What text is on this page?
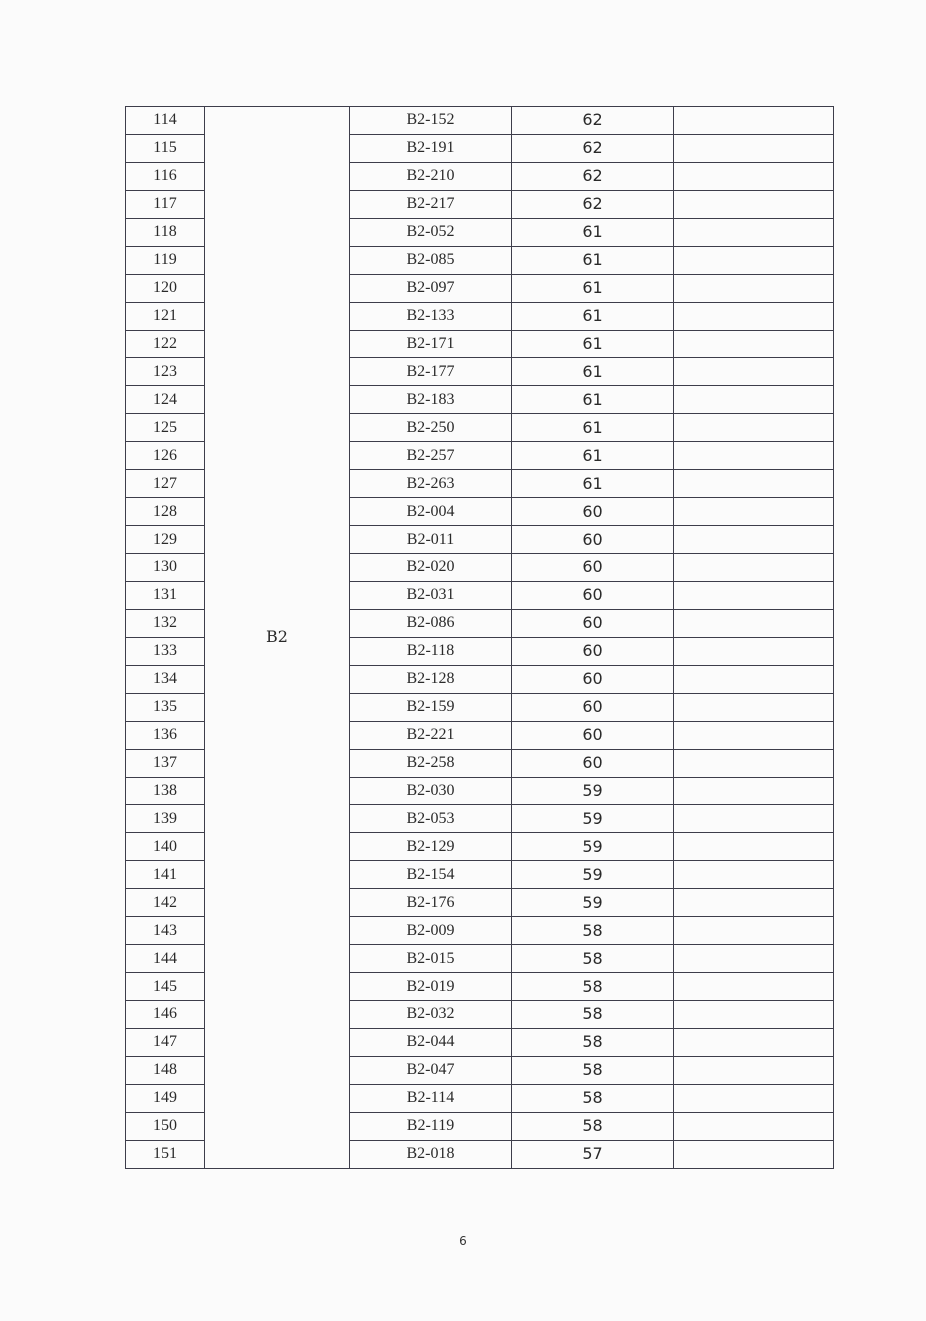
114	B2	B2-152	62	
115		B2-191	62	
116		B2-210	62	
117		B2-217	62	
118		B2-052	61	
119		B2-085	61	
120		B2-097	61	
121		B2-133	61	
122		B2-171	61	
123		B2-177	61	
124		B2-183	61	
125		B2-250	61	
126		B2-257	61	
127		B2-263	61	
128		B2-004	60	
129		B2-011	60	
130		B2-020	60	
131		B2-031	60	
132		B2-086	60	
133		B2-118	60	
134		B2-128	60	
135		B2-159	60	
136		B2-221	60	
137		B2-258	60	
138		B2-030	59	
139		B2-053	59	
140		B2-129	59	
141		B2-154	59	
142		B2-176	59	
143		B2-009	58	
144		B2-015	58	
145		B2-019	58	
146		B2-032	58	
147		B2-044	58	
148		B2-047	58	
149		B2-114	58	
150		B2-119	58	
151		B2-018	57	
6
